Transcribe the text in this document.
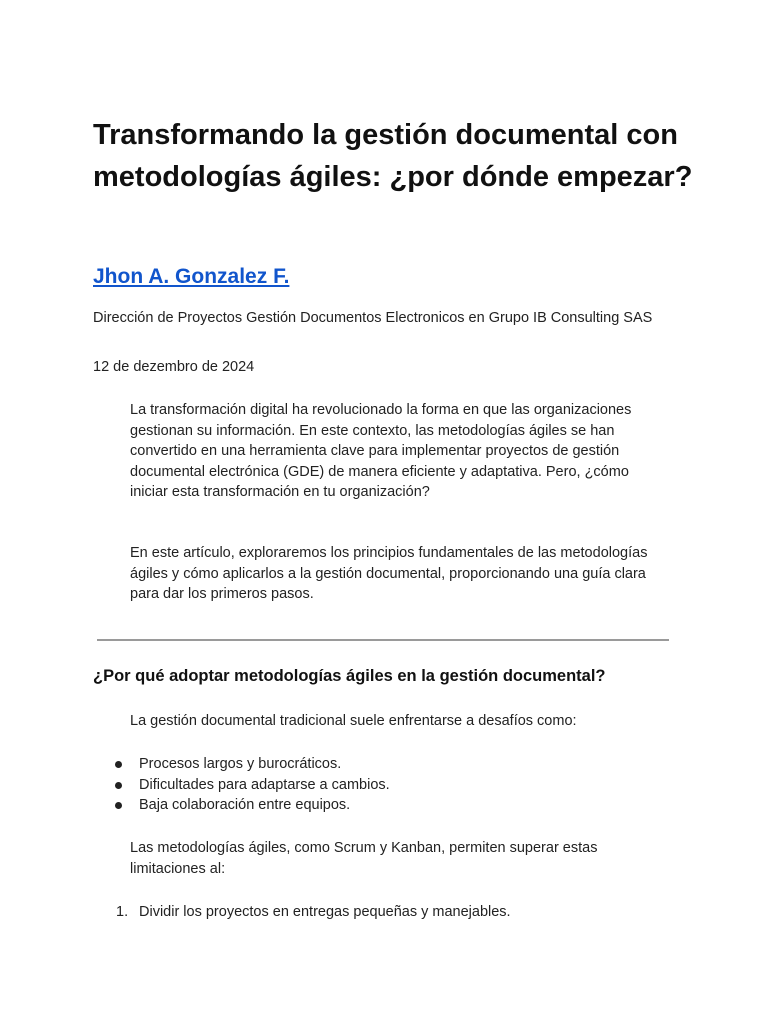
Transformando la gestión documental con metodologías ágiles: ¿por dónde empezar?
Jhon A. Gonzalez F.

Dirección de Proyectos Gestión Documentos Electronicos en Grupo IB Consulting SAS

12 de dezembro de 2024

La transformación digital ha revolucionado la forma en que las organizaciones gestionan su información. En este contexto, las metodologías ágiles se han convertido en una herramienta clave para implementar proyectos de gestión documental electrónica (GDE) de manera eficiente y adaptativa. Pero, ¿cómo iniciar esta transformación en tu organización?

En este artículo, exploraremos los principios fundamentales de las metodologías ágiles y cómo aplicarlos a la gestión documental, proporcionando una guía clara para dar los primeros pasos.

¿Por qué adoptar metodologías ágiles en la gestión documental?

La gestión documental tradicional suele enfrentarse a desafíos como:

Procesos largos y burocráticos.
Dificultades para adaptarse a cambios.
Baja colaboración entre equipos.

Las metodologías ágiles, como Scrum y Kanban, permiten superar estas limitaciones al:

1. Dividir los proyectos en entregas pequeñas y manejables.
